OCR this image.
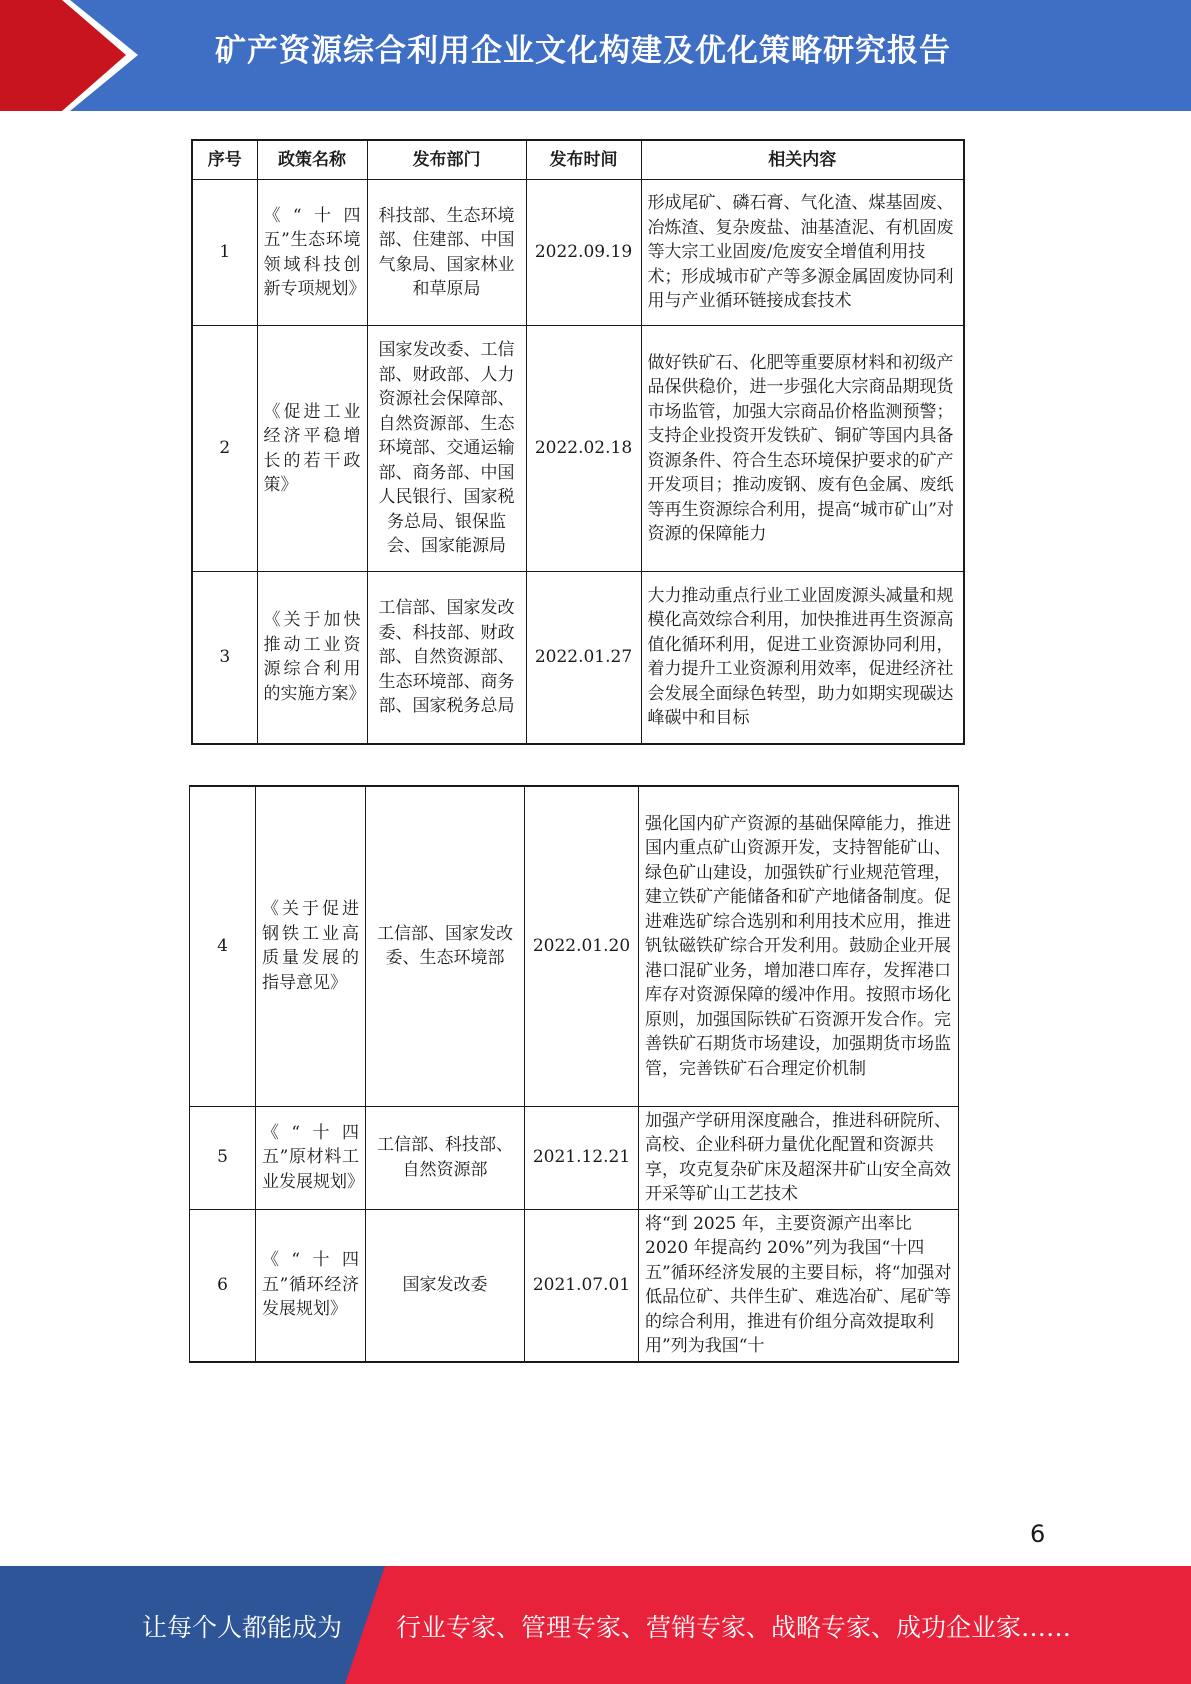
矿产资源综合利用企业文化构建及优化策略研究报告
序号	政策名称	发布部门	发布时间	相关内容
1	《“十四五”生态环境领域科技创新专项规划》	科技部、生态环境部、住建部、中国气象局、国家林业和草原局	2022.09.19	形成尾矿、磷石膏、气化渣、煤基固废、冶炼渣、复杂废盐、油基渣泥、有机固废等大宗工业固废/危废安全增值利用技术；形成城市矿产等多源金属固废协同利用与产业循环链接成套技术
2	《促进工业经济平稳增长的若干政策》	国家发改委、工信部、财政部、人力资源社会保障部、自然资源部、生态环境部、交通运输部、商务部、中国人民银行、国家税务总局、银保监会、国家能源局	2022.02.18	做好铁矿石、化肥等重要原材料和初级产品保供稳价，进一步强化大宗商品期现货市场监管，加强大宗商品价格监测预警；支持企业投资开发铁矿、铜矿等国内具备资源条件、符合生态环境保护要求的矿产开发项目；推动废钢、废有色金属、废纸等再生资源综合利用，提高“城市矿山”对资源的保障能力
3	《关于加快推动工业资源综合利用的实施方案》	工信部、国家发改委、科技部、财政部、自然资源部、生态环境部、商务部、国家税务总局	2022.01.27	大力推动重点行业工业固废源头减量和规模化高效综合利用，加快推进再生资源高值化循环利用，促进工业资源协同利用，着力提升工业资源利用效率，促进经济社会发展全面绿色转型，助力如期实现碳达峰碳中和目标
4	《关于促进钢铁工业高质量发展的指导意见》	工信部、国家发改委、生态环境部	2022.01.20	强化国内矿产资源的基础保障能力，推进国内重点矿山资源开发，支持智能矿山、绿色矿山建设，加强铁矿行业规范管理，建立铁矿产能储备和矿产地储备制度。促进难选矿综合选别和利用技术应用，推进钒钛磁铁矿综合开发利用。鼓励企业开展港口混矿业务，增加港口库存，发挥港口库存对资源保障的缓冲作用。按照市场化原则，加强国际铁矿石资源开发合作。完善铁矿石期货市场建设，加强期货市场监管，完善铁矿石合理定价机制
5	《“十四五”原材料工业发展规划》	工信部、科技部、自然资源部	2021.12.21	加强产学研用深度融合，推进科研院所、高校、企业科研力量优化配置和资源共享，攻克复杂矿床及超深井矿山安全高效开采等矿山工艺技术
6	《“十四五”循环经济发展规划》	国家发改委	2021.07.01	将“到 2025 年，主要资源产出率比 2020 年提高约 20%”列为我国“十四五”循环经济发展的主要目标，将“加强对低品位矿、共伴生矿、难选冶矿、尾矿等的综合利用，推进有价组分高效提取利用”列为我国“十
6
让每个人都能成为 行业专家、管理专家、营销专家、战略专家、成功企业家……
